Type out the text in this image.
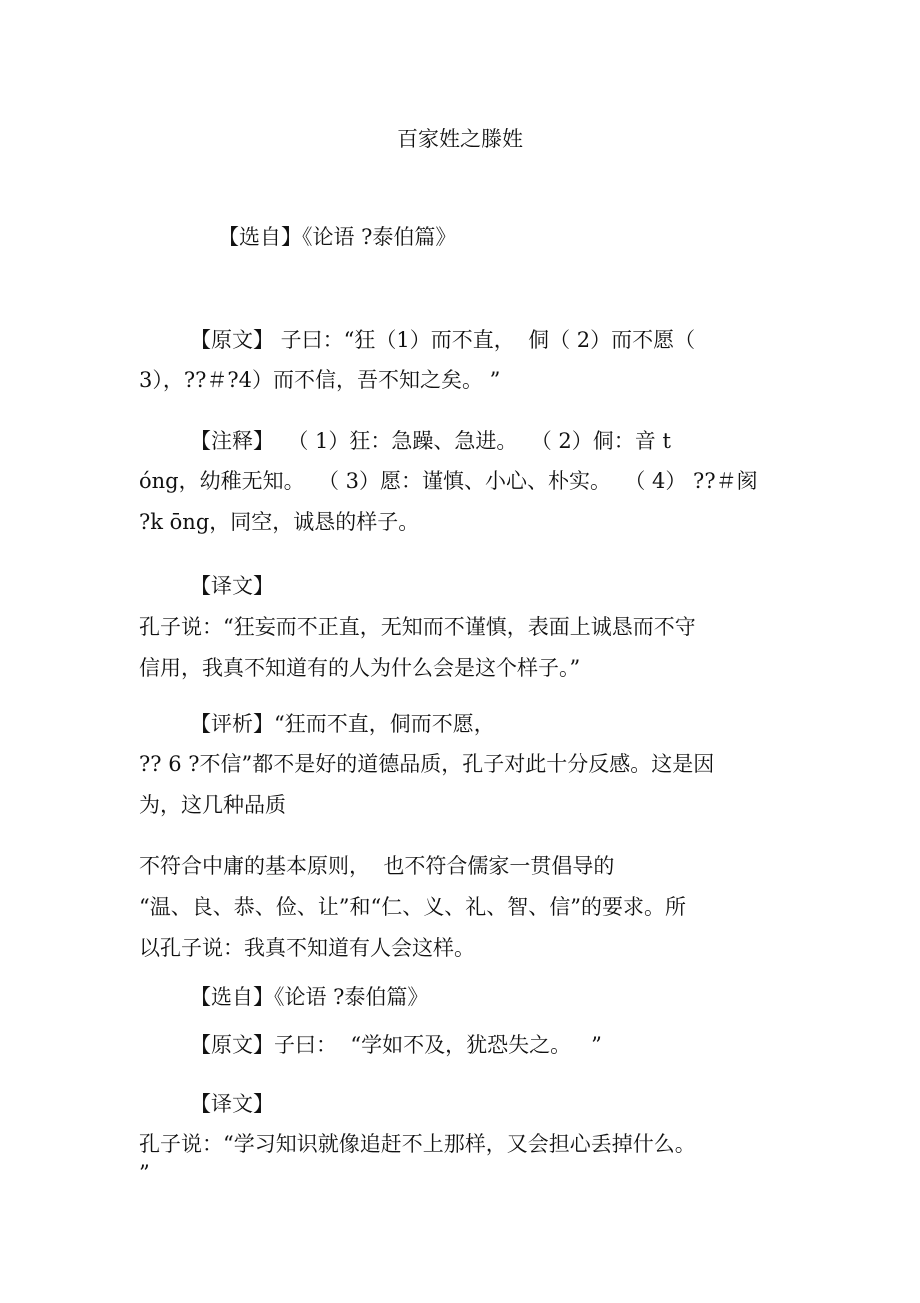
百家姓之滕姓
【选自】《论语 ?泰伯篇》
【原文】 子曰：“狂（1）而不直，  侗（ 2）而不愿（
3），??＃?4）而不信，吾不知之矣。 ”
【注释】  （ 1）狂：急躁、急进。  （ 2）侗：音 t
óng，幼稚无知。  （ 3）愿：谨慎、小心、朴实。  （ 4） ??＃阂
?k ōng，同空，诚恳的样子。
【译文】
孔子说：“狂妄而不正直，无知而不谨慎，表面上诚恳而不守
信用，我真不知道有的人为什么会是这个样子。”
【评析】“狂而不直，侗而不愿，
?? 6 ?不信”都不是好的道德品质，孔子对此十分反感。这是因
为，这几种品质
不符合中庸的基本原则，  也不符合儒家一贯倡导的
“温、良、恭、俭、让”和“仁、义、礼、智、信”的要求。所
以孔子说：我真不知道有人会这样。
【选自】《论语 ?泰伯篇》
【原文】子曰：  “学如不及，犹恐失之。   ”
【译文】
孔子说：“学习知识就像追赶不上那样，又会担心丢掉什么。
”
